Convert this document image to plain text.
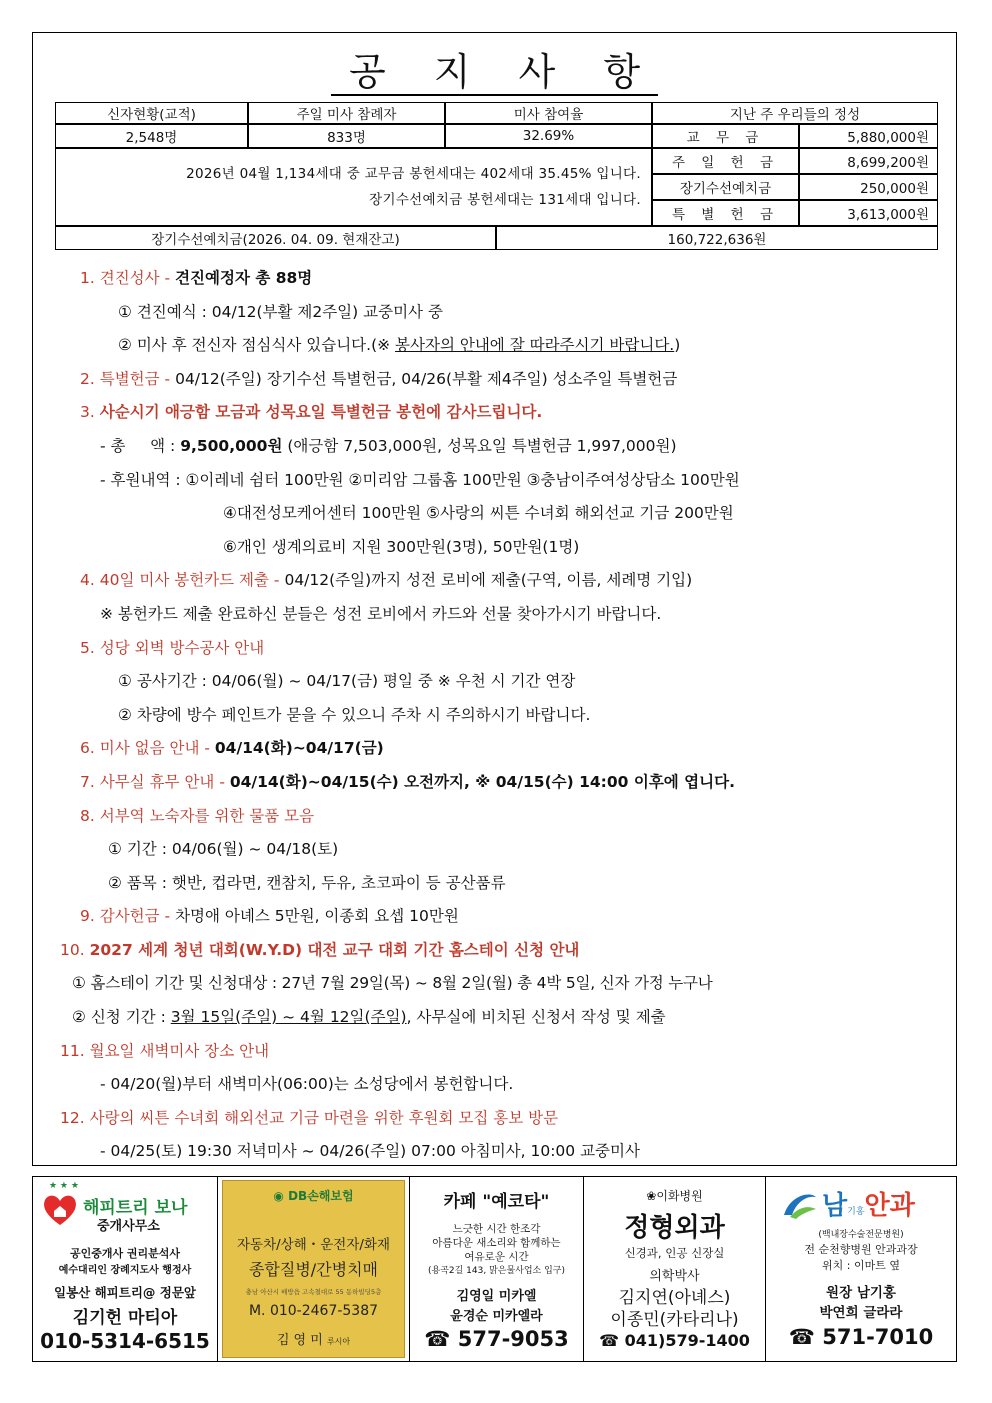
공 지 사 항
신자현황(교적)	주일 미사 참례자	미사 참여율	지난 주 우리들의 정성
2,548명	833명	32.69%
2026년 04월 1,134세대 중 교무금 봉헌세대는 402세대 35.45% 입니다.
장기수선예치금 봉헌세대는 131세대 입니다.
교 무 금	5,880,000원
주 일 헌 금	8,699,200원
장기수선예치금	250,000원
특 별 헌 금	3,613,000원
장기수선예치금(2026. 04. 09. 현재잔고)	160,722,636원
1. 견진성사 - 견진예정자 총 88명
① 견진예식 : 04/12(부활 제2주일) 교중미사 중
② 미사 후 전신자 점심식사 있습니다.(※ 봉사자의 안내에 잘 따라주시기 바랍니다.)
2. 특별헌금 - 04/12(주일) 장기수선 특별헌금, 04/26(부활 제4주일) 성소주일 특별헌금
3. 사순시기 애긍함 모금과 성목요일 특별헌금 봉헌에 감사드립니다.
- 총     액 : 9,500,000원 (애긍함 7,503,000원, 성목요일 특별헌금 1,997,000원)
- 후원내역 : ①이레네 쉼터 100만원 ②미리암 그룹홈 100만원 ③충남이주여성상담소 100만원
④대전성모케어센터 100만원 ⑤사랑의 씨튼 수녀회 해외선교 기금 200만원
⑥개인 생계의료비 지원 300만원(3명), 50만원(1명)
4. 40일 미사 봉헌카드 제출 - 04/12(주일)까지 성전 로비에 제출(구역, 이름, 세례명 기입)
※ 봉헌카드 제출 완료하신 분들은 성전 로비에서 카드와 선물 찾아가시기 바랍니다.
5. 성당 외벽 방수공사 안내
① 공사기간 : 04/06(월) ~ 04/17(금) 평일 중 ※ 우천 시 기간 연장
② 차량에 방수 페인트가 묻을 수 있으니 주차 시 주의하시기 바랍니다.
6. 미사 없음 안내 - 04/14(화)~04/17(금)
7. 사무실 휴무 안내 - 04/14(화)~04/15(수) 오전까지, ※ 04/15(수) 14:00 이후에 엽니다.
8. 서부역 노숙자를 위한 물품 모음
① 기간 : 04/06(월) ~ 04/18(토)
② 품목 : 햇반, 컵라면, 캔참치, 두유, 초코파이 등 공산품류
9. 감사헌금 - 차명애 아녜스 5만원, 이종회 요셉 10만원
10. 2027 세계 청년 대회(W.Y.D) 대전 교구 대회 기간 홈스테이 신청 안내
① 홈스테이 기간 및 신청대상 : 27년 7월 29일(목) ~ 8월 2일(월) 총 4박 5일, 신자 가정 누구나
② 신청 기간 : 3월 15일(주일) ~ 4월 12일(주일), 사무실에 비치된 신청서 작성 및 제출
11. 월요일 새벽미사 장소 안내
- 04/20(월)부터 새벽미사(06:00)는 소성당에서 봉헌합니다.
12. 사랑의 씨튼 수녀회 해외선교 기금 마련을 위한 후원회 모집 홍보 방문
- 04/25(토) 19:30 저녁미사 ~ 04/26(주일) 07:00 아침미사, 10:00 교중미사
★ ★ ★
해피트리 보나
중개사무소
공인중개사 권리분석사
예수대리인 장례지도사 행정사
일봉산 해피트리@ 정문앞
김기헌 마티아
010-5314-6515
◉ DB손해보험
자동차/상해・운전자/화재
종합질병/간병치매
충남 아산시 배방읍 고속철대로 55 동하빌딩5층
M. 010-2467-5387
김 영 미 루시아
카페 "예코타"
느긋한 시간 한조각
아름다운 새소리와 함께하는
여유로운 시간
(용곡2길 143, 맑은물사업소 입구)
김영일 미카엘
윤경순 미카엘라
☎ 577-9053
❀이화병원
정형외과
신경과, 인공 신장실
의학박사
김지연(아녜스)
이종민(카타리나)
☎ 041)579-1400
남기홍안과
(백내장수술전문병원)
전 순천향병원 안과과장
위치 : 이마트 옆
원장 남기홍
박연희 글라라
☎ 571-7010
